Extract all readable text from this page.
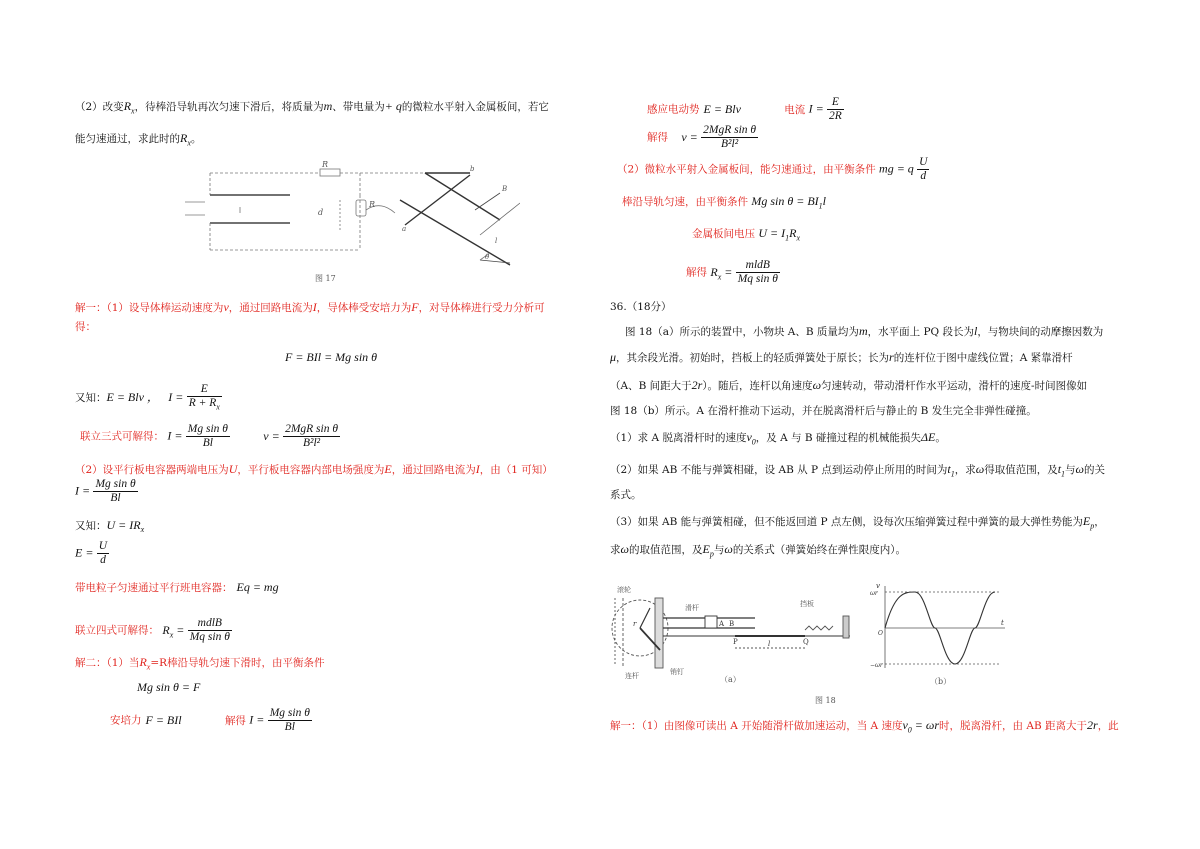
（2）改变$R_x$，待棒沿导轨再次匀速下滑后，将质量为m、带电量为+ q的微粒水平射入金属板间，若它
能匀速通过，求此时的$R_x$。
R
R
d
a
b
B
l
θ
图 17
解一：（1）设导体棒运动速度为v，通过回路电流为I，导体棒受安培力为F，对导体棒进行受力分析可
得：
F = BIl = Mg sin θ
又知：E = Blv ， $I = \frac{E}{R + R_x}$
联立三式可解得： $I = \frac{\text{Mg sin θ}}{Bl}$	$v = \frac{\text{2MgR sin θ}}{\text{B²l²}}$
（2）设平行板电容器两端电压为U，平行板电容器内部电场强度为E，通过回路电流为I，由（1 可知）
$I = \frac{\text{Mg sin θ}}{Bl}$
又知：$U = IR_x$
$E = \frac{U}{d}$
带电粒子匀速通过平行班电容器： Eq = mg
联立四式可解得： $R_x = \frac{\text{mdlB}}{\text{Mq sin θ}}$
解二：（1）当$R_x=R$棒沿导轨匀速下滑时，由平衡条件
Mg sin θ = F
安培力 F = BIl	解得 $I = \frac{\text{Mg sin θ}}{Bl}$
感应电动势 E = Blv	电流 $I = \frac{E}{2R}$
解得 $v = \frac{\text{2MgR sin θ}}{\text{B²l²}}$
（2）微粒水平射入金属板间，能匀速通过，由平衡条件 mg = q $\frac{U}{d}$
棒沿导轨匀速，由平衡条件 Mg $\sin \theta = BI_1l$
金属板间电压 $U = I_1R_x$
解得 $R_x = \frac{\text{mldB}}{\text{Mq sin θ}}$
36.（18分）
图 18（a）所示的装置中，小物块 A、B 质量均为m，水平面上 PQ 段长为l，与物块间的动摩擦因数为
μ，其余段光滑。初始时，挡板上的轻质弹簧处于原长；长为r的连杆位于图中虚线位置；A 紧靠滑杆
（A、B 间距大于2r）。随后，连杆以角速度ω匀速转动，带动滑杆作水平运动，滑杆的速度-时间图像如
图 18（b）所示。A 在滑杆推动下运动，并在脱离滑杆后与静止的 B 发生完全非弹性碰撞。
（1）求 A 脱离滑杆时的速度$v_0$，及 A 与 B 碰撞过程的机械能损失ΔE。
（2）如果 AB 不能与弹簧相碰，设 AB 从 P 点到运动停止所用的时间为$t_1$，求ω得取值范围，及$t_1$与ω的关
系式。
（3）如果 AB 能与弹簧相碰，但不能返回道 P 点左侧，设每次压缩弹簧过程中弹簧的最大弹性势能为$E_p$，
求ω的取值范围，及$E_p$与ω的关系式（弹簧始终在弹性限度内）。
滚轮
滑杆
连杆	销钉
挡板
A B
P	Q
l
r
（a）
v
t
ωr
−ωr
O
（b）
图 18
解一：（1）由图像可读出 A 开始随滑杆做加速运动，当 A 速度$v_0 = \omega r$时，脱离滑杆，由 AB 距离大于2r，此
